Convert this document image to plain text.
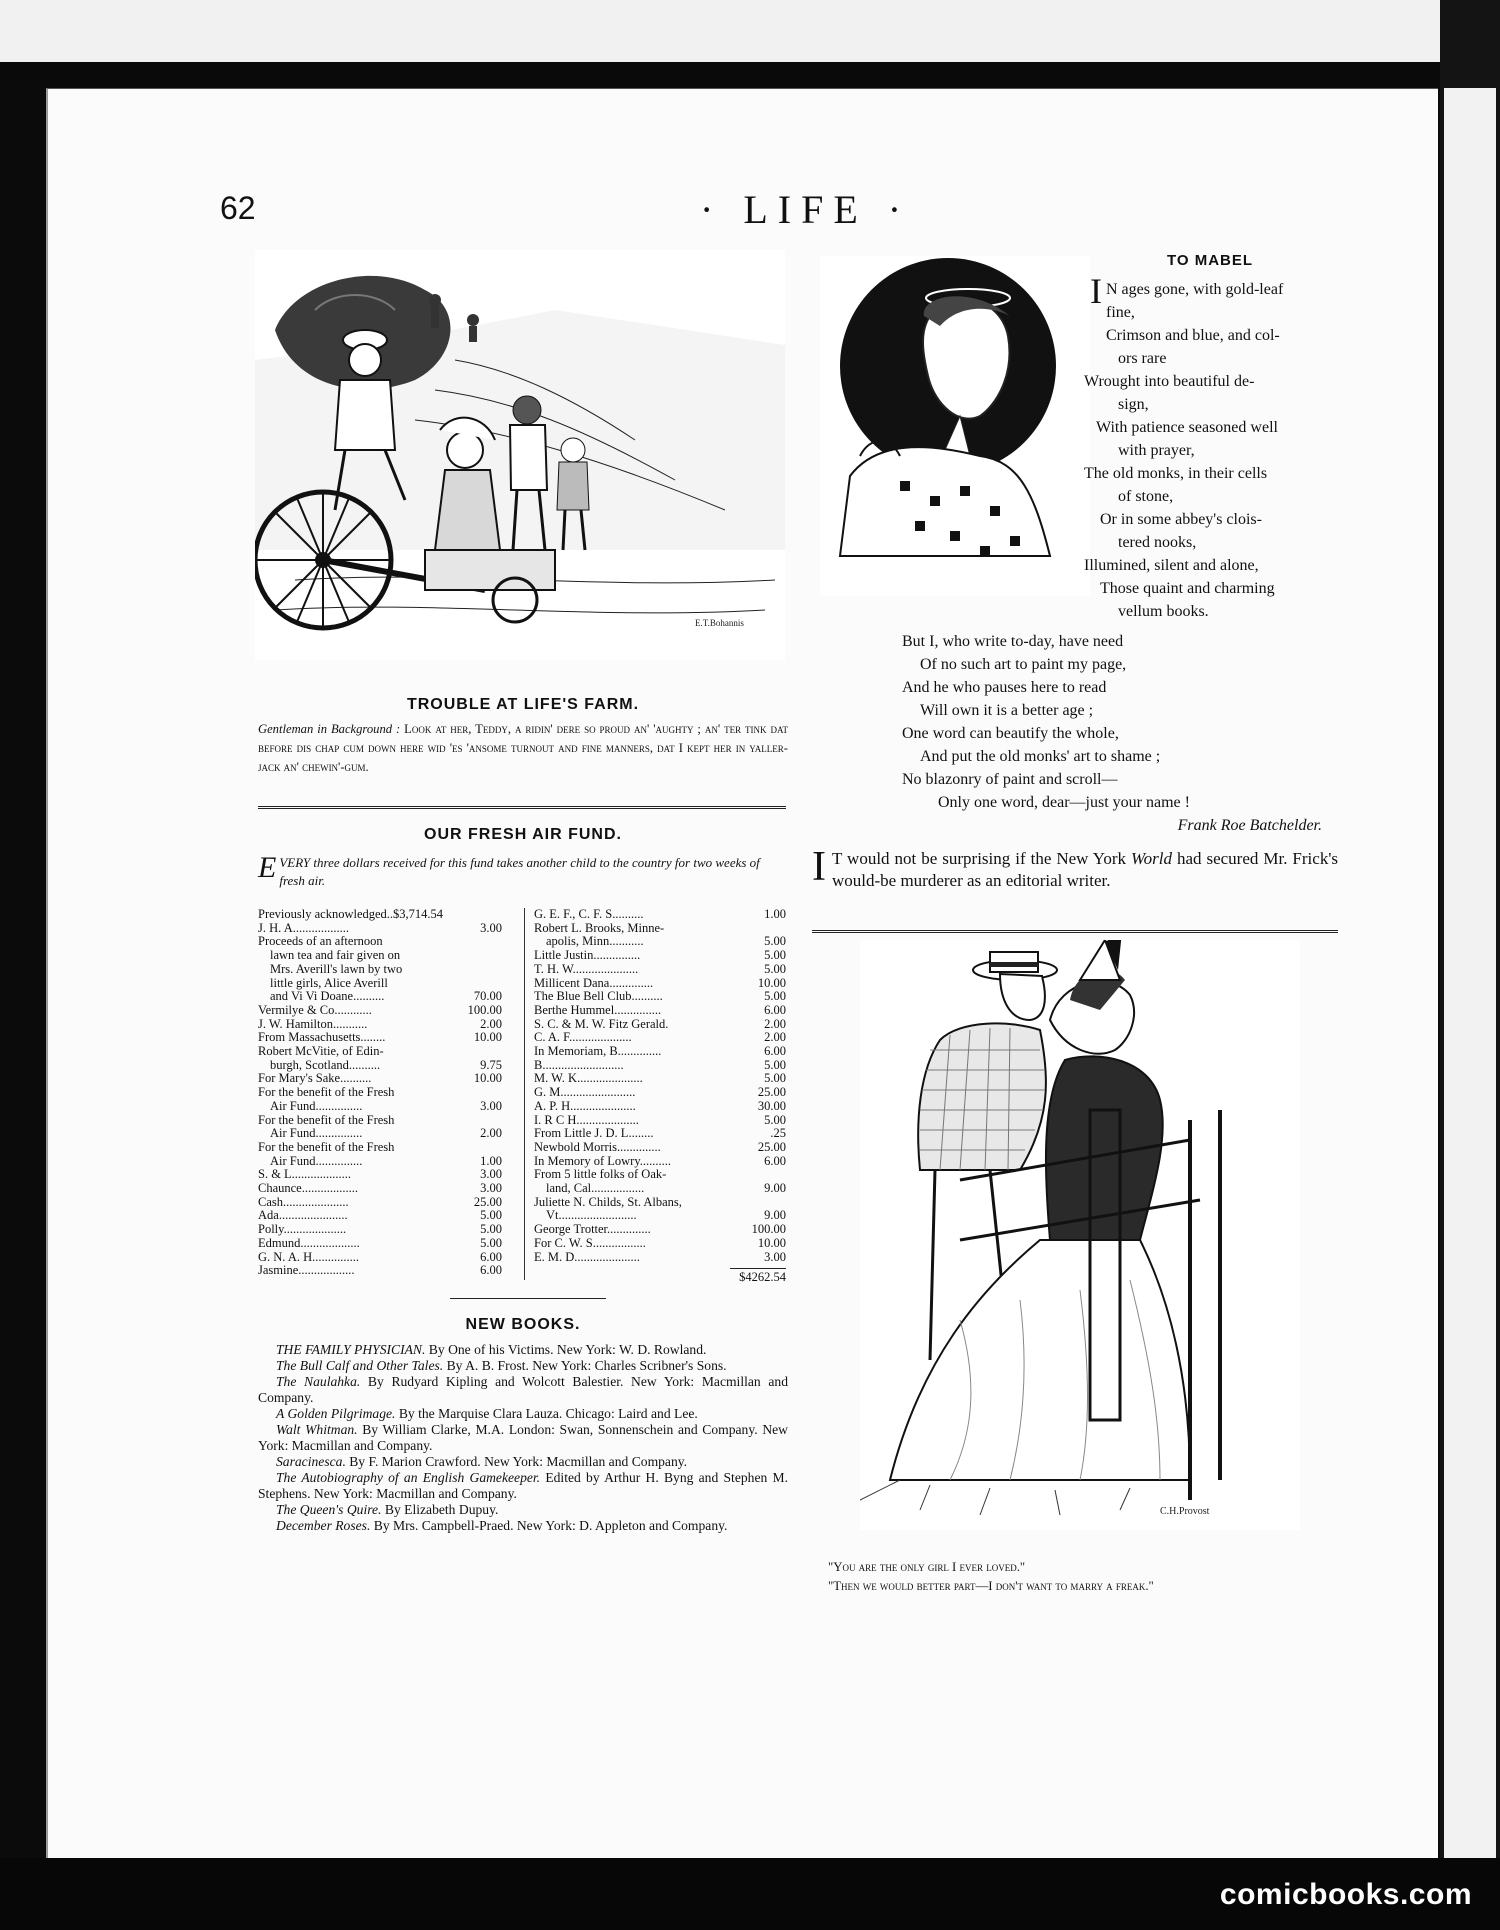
62	· LIFE ·
E.T.Bohannis
TROUBLE AT LIFE'S FARM.
Gentleman in Background : Look at her, Teddy, a ridin' dere so proud an' 'aughty ; an' ter tink dat before dis chap cum down here wid 'es 'ansome turnout and fine manners, dat I kept her in yaller-jack an' chewin'-gum.
OUR FRESH AIR FUND.
E VERY three dollars received for this fund takes another child to the country for two weeks of fresh air.
Previously acknowledged..$3,714.54
J. H. A..................	3.00
Proceeds of an afternoon
lawn tea and fair given on
Mrs. Averill's lawn by two
little girls, Alice Averill
and Vi Vi Doane..........	70.00
Vermilye & Co............	100.00
J. W. Hamilton...........	2.00
From Massachusetts........	10.00
Robert McVitie, of Edin-
burgh, Scotland..........	9.75
For Mary's Sake..........	10.00
For the benefit of the Fresh
Air Fund...............	3.00
For the benefit of the Fresh
Air Fund...............	2.00
For the benefit of the Fresh
Air Fund...............	1.00
S. & L...................	3.00
Chaunce..................	3.00
Cash.....................	25.00
Ada......................	5.00
Polly....................	5.00
Edmund...................	5.00
G. N. A. H...............	6.00
Jasmine..................	6.00
G. E. F., C. F. S..........	1.00
Robert L. Brooks, Minne-
apolis, Minn...........	5.00
Little Justin...............	5.00
T. H. W.....................	5.00
Millicent Dana..............	10.00
The Blue Bell Club..........	5.00
Berthe Hummel...............	6.00
S. C. & M. W. Fitz Gerald.	2.00
C. A. F....................	2.00
In Memoriam, B..............	6.00
B..........................	5.00
M. W. K.....................	5.00
G. M........................	25.00
A. P. H.....................	30.00
I. R C H....................	5.00
From Little J. D. L........	.25
Newbold Morris..............	25.00
In Memory of Lowry..........	6.00
From 5 little folks of Oak-
land, Cal.................	9.00
Juliette N. Childs, St. Albans,
Vt.........................	9.00
George Trotter..............	100.00
For C. W. S.................	10.00
E. M. D.....................	3.00
$4262.54
NEW BOOKS.

THE FAMILY PHYSICIAN. By One of his Victims. New York: W. D. Rowland.

The Bull Calf and Other Tales. By A. B. Frost. New York: Charles Scribner's Sons.

The Naulahka. By Rudyard Kipling and Wolcott Balestier. New York: Macmillan and Company.

A Golden Pilgrimage. By the Marquise Clara Lauza. Chicago: Laird and Lee.

Walt Whitman. By William Clarke, M.A. London: Swan, Sonnenschein and Company. New York: Macmillan and Company.

Saracinesca. By F. Marion Crawford. New York: Macmillan and Company.

The Autobiography of an English Gamekeeper. Edited by Arthur H. Byng and Stephen M. Stephens. New York: Macmillan and Company.

The Queen's Quire. By Elizabeth Dupuy.

December Roses. By Mrs. Campbell-Praed. New York: D. Appleton and Company.

TO MABEL
I N ages gone, with gold-leaf
fine,
Crimson and blue, and col-
ors rare
Wrought into beautiful de-
sign,
With patience seasoned well
with prayer,
The old monks, in their cells
of stone,
Or in some abbey's clois-
tered nooks,
Illumined, silent and alone,
Those quaint and charming
vellum books.
But I, who write to-day, have need
Of no such art to paint my page,
And he who pauses here to read
Will own it is a better age ;
One word can beautify the whole,
And put the old monks' art to shame ;
No blazonry of paint and scroll—
Only one word, dear—just your name !
Frank Roe Batchelder.
I T would not be surprising if the New York World had secured Mr. Frick's would-be murderer as an editorial writer.
C.H.Provost
"You are the only girl I ever loved."
"Then we would better part—I don't want to marry a freak."
comicbooks.com
